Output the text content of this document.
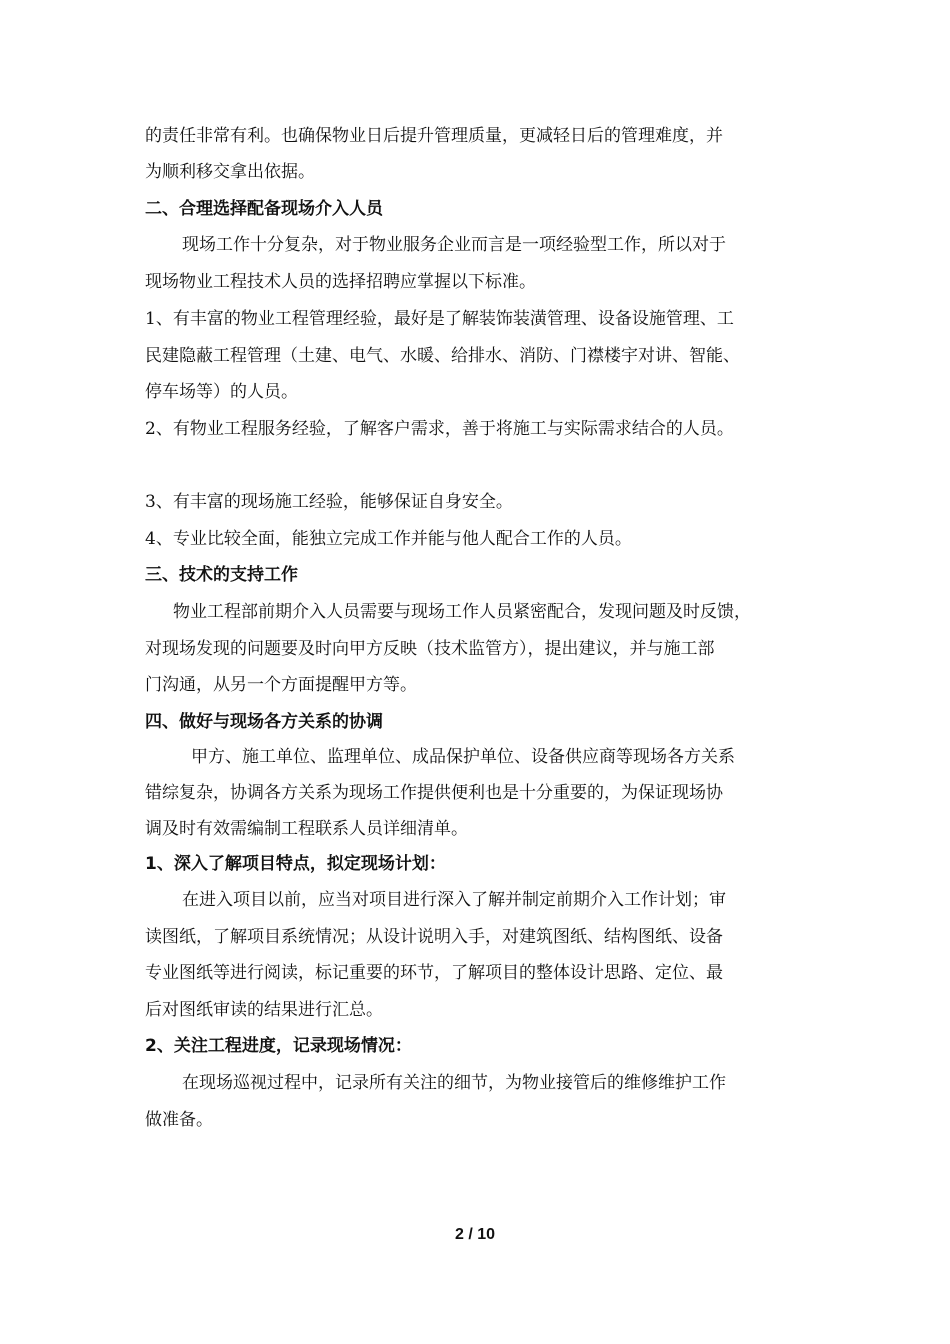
的责任非常有利。也确保物业日后提升管理质量，更减轻日后的管理难度，并
为顺利移交拿出依据。
二、合理选择配备现场介入人员
现场工作十分复杂，对于物业服务企业而言是一项经验型工作，所以对于
现场物业工程技术人员的选择招聘应掌握以下标准。
1、有丰富的物业工程管理经验，最好是了解装饰装潢管理、设备设施管理、工
民建隐蔽工程管理（土建、电气、水暖、给排水、消防、门襟楼宇对讲、智能、
停车场等）的人员。
2、有物业工程服务经验，了解客户需求，善于将施工与实际需求结合的人员。
3、有丰富的现场施工经验，能够保证自身安全。
4、专业比较全面，能独立完成工作并能与他人配合工作的人员。
三、技术的支持工作
物业工程部前期介入人员需要与现场工作人员紧密配合，发现问题及时反馈，
对现场发现的问题要及时向甲方反映（技术监管方），提出建议，并与施工部
门沟通，从另一个方面提醒甲方等。
四、做好与现场各方关系的协调
甲方、施工单位、监理单位、成品保护单位、设备供应商等现场各方关系
错综复杂，协调各方关系为现场工作提供便利也是十分重要的，为保证现场协
调及时有效需编制工程联系人员详细清单。
1、深入了解项目特点，拟定现场计划：
在进入项目以前，应当对项目进行深入了解并制定前期介入工作计划；审
读图纸，了解项目系统情况；从设计说明入手，对建筑图纸、结构图纸、设备
专业图纸等进行阅读，标记重要的环节，了解项目的整体设计思路、定位、最
后对图纸审读的结果进行汇总。
2、关注工程进度，记录现场情况：
在现场巡视过程中，记录所有关注的细节，为物业接管后的维修维护工作
做准备。
2 / 10
